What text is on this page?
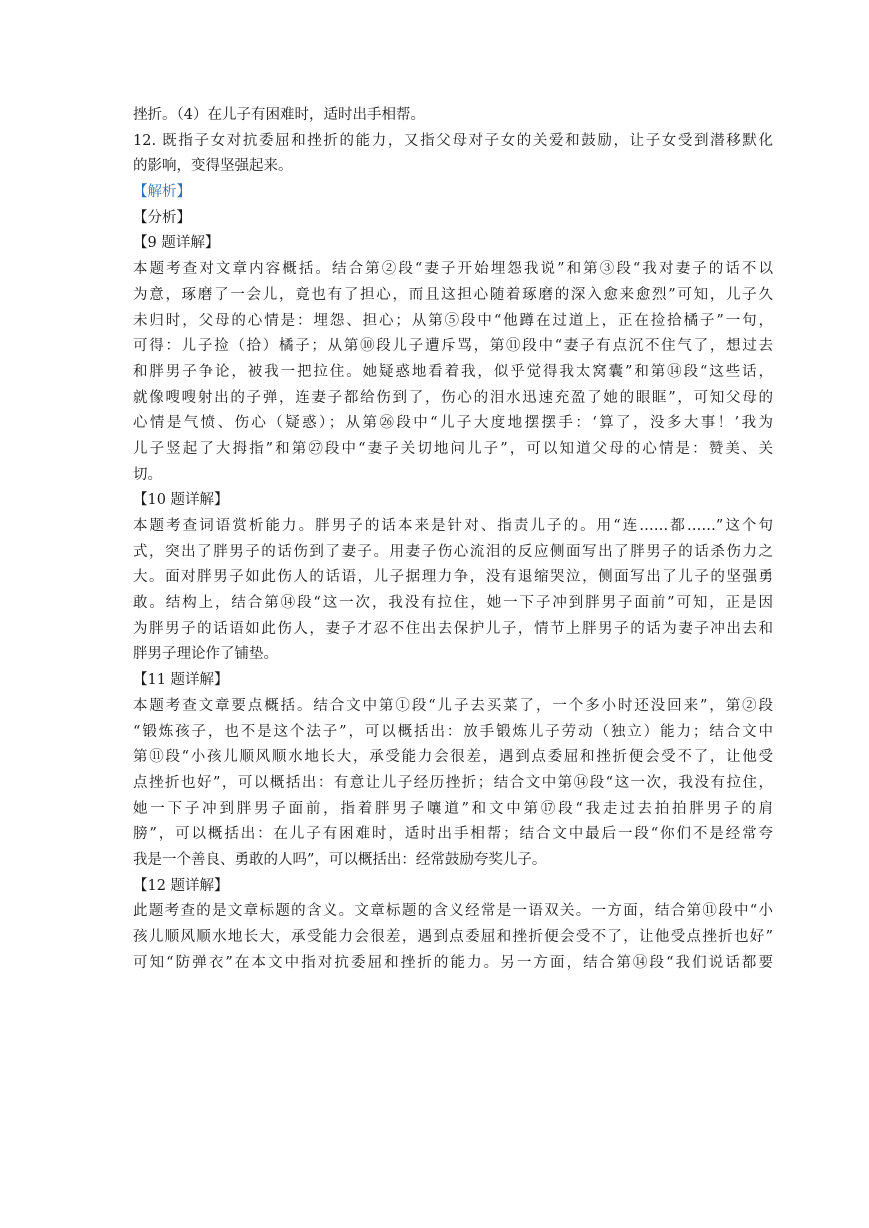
挫折。（4）在儿子有困难时，适时出手相帮。
12. 既指子女对抗委屈和挫折的能力，又指父母对子女的关爱和鼓励，让子女受到潜移默化
的影响，变得坚强起来。
【解析】
【分析】
【9 题详解】
本题考查对文章内容概括。结合第②段“妻子开始埋怨我说”和第③段“我对妻子的话不以
为意，琢磨了一会儿，竟也有了担心，而且这担心随着琢磨的深入愈来愈烈”可知，儿子久
未归时，父母的心情是：埋怨、担心；从第⑤段中“他蹲在过道上，正在捡拾橘子”一句，
可得：儿子捡（拾）橘子；从第⑩段儿子遭斥骂，第⑪段中“妻子有点沉不住气了，想过去
和胖男子争论，被我一把拉住。她疑惑地看着我，似乎觉得我太窝囊”和第⑭段“这些话，
就像嗖嗖射出的子弹，连妻子都给伤到了，伤心的泪水迅速充盈了她的眼眶”，可知父母的
心情是气愤、伤心（疑惑）；从第㉖段中“儿子大度地摆摆手：‘算了，没多大事！’我为
儿子竖起了大拇指”和第㉗段中“妻子关切地问儿子”，可以知道父母的心情是：赞美、关
切。
【10 题详解】
本题考查词语赏析能力。胖男子的话本来是针对、指责儿子的。用“连……都……”这个句
式，突出了胖男子的话伤到了妻子。用妻子伤心流泪的反应侧面写出了胖男子的话杀伤力之
大。面对胖男子如此伤人的话语，儿子据理力争，没有退缩哭泣，侧面写出了儿子的坚强勇
敢。结构上，结合第⑭段“这一次，我没有拉住，她一下子冲到胖男子面前”可知，正是因
为胖男子的话语如此伤人，妻子才忍不住出去保护儿子，情节上胖男子的话为妻子冲出去和
胖男子理论作了铺垫。
【11 题详解】
本题考查文章要点概括。结合文中第①段“儿子去买菜了，一个多小时还没回来”，第②段
“锻炼孩子，也不是这个法子”，可以概括出：放手锻炼儿子劳动（独立）能力；结合文中
第⑪段“小孩儿顺风顺水地长大，承受能力会很差，遇到点委屈和挫折便会受不了，让他受
点挫折也好”，可以概括出：有意让儿子经历挫折；结合文中第⑭段“这一次，我没有拉住，
她一下子冲到胖男子面前，指着胖男子嚷道”和文中第⑰段“我走过去拍拍胖男子的肩
膀”，可以概括出：在儿子有困难时，适时出手相帮；结合文中最后一段“你们不是经常夸
我是一个善良、勇敢的人吗”，可以概括出：经常鼓励夸奖儿子。
【12 题详解】
此题考查的是文章标题的含义。文章标题的含义经常是一语双关。一方面，结合第⑪段中“小
孩儿顺风顺水地长大，承受能力会很差，遇到点委屈和挫折便会受不了，让他受点挫折也好”
可知“防弹衣”在本文中指对抗委屈和挫折的能力。另一方面，结合第⑭段“我们说话都要
